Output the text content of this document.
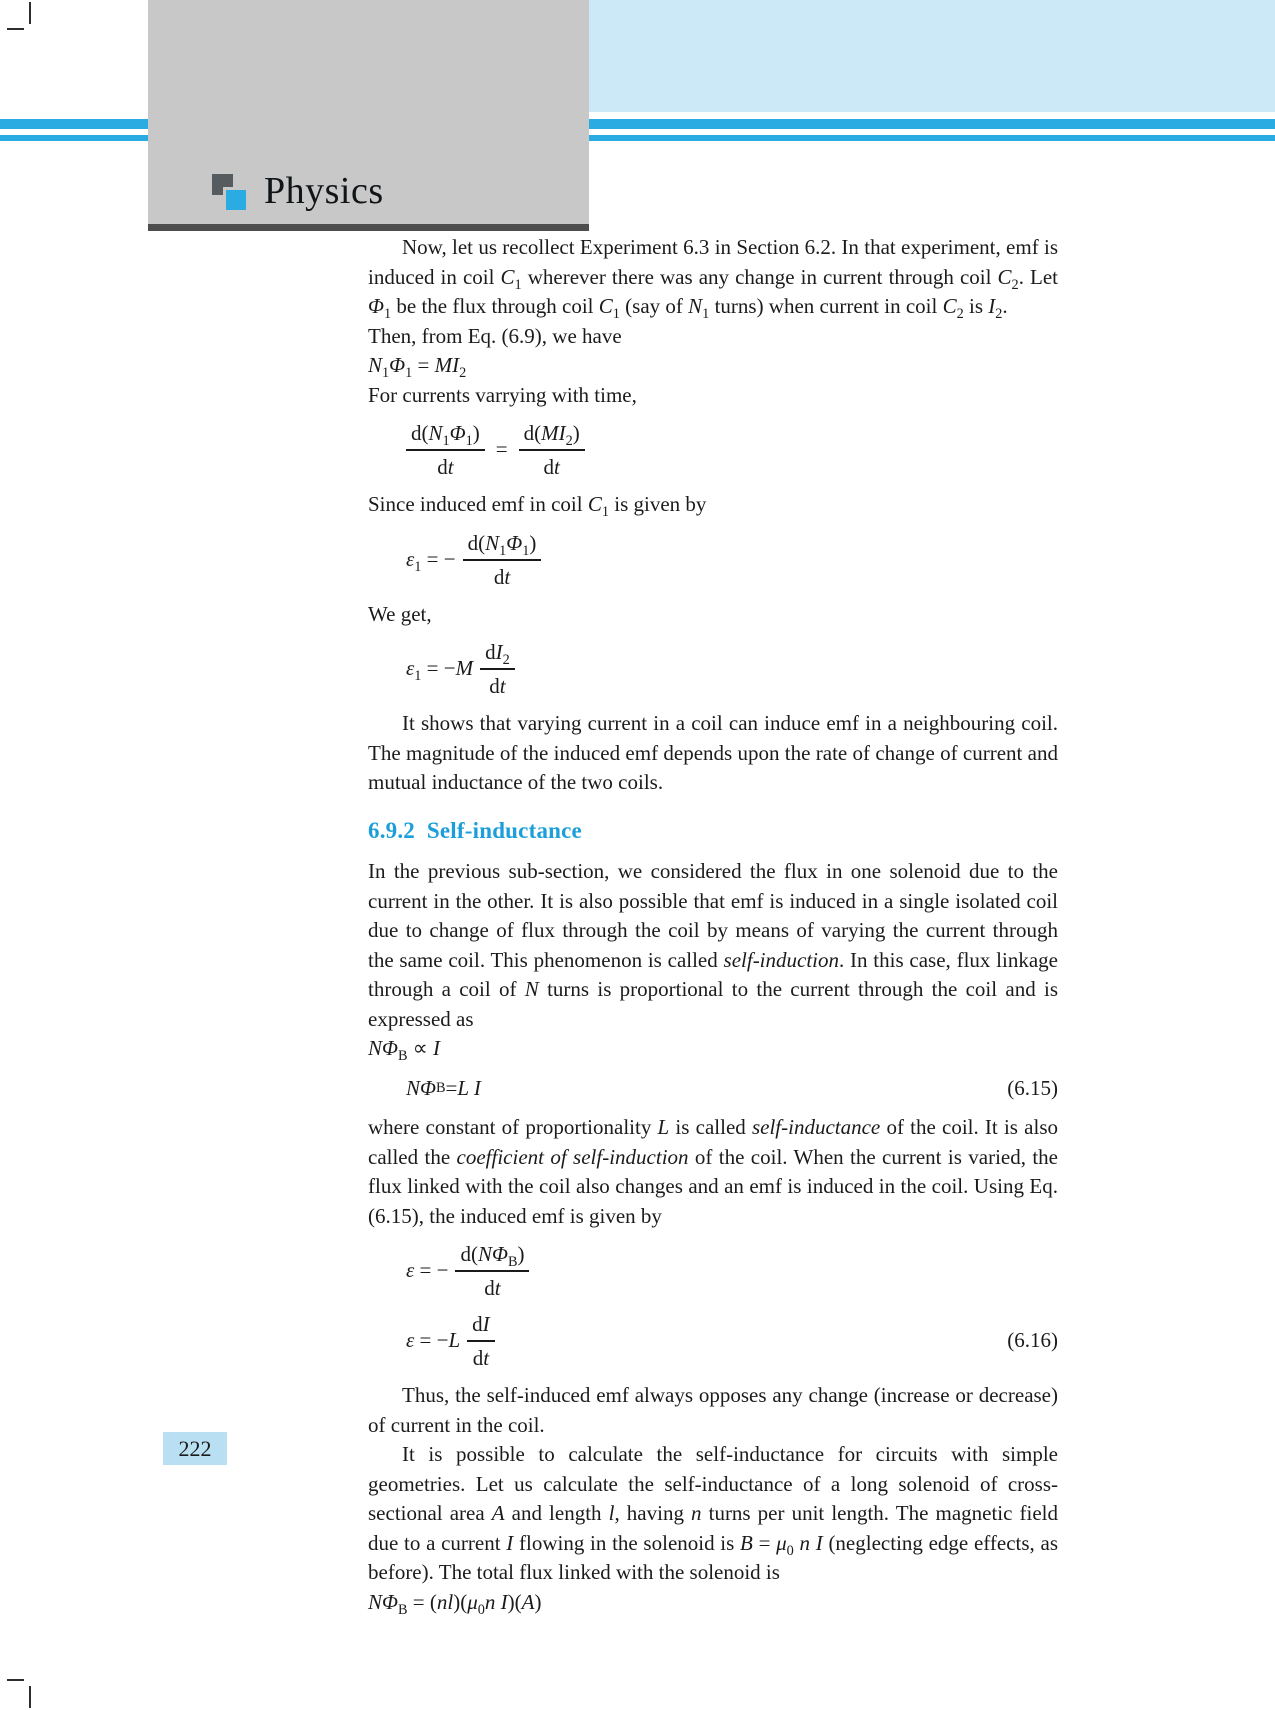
Physics

Now, let us recollect Experiment 6.3 in Section 6.2. In that experiment, emf is induced in coil $C_1$ wherever there was any change in current through coil $C_2$. Let $\Phi_1$ be the flux through coil $C_1$ (say of $N_1$ turns) when current in coil $C_2$ is $I_2$.

Then, from Eq. (6.9), we have

$N_1\Phi_1 = MI_2$

For currents varrying with time,

$\frac{d(N_1\Phi_1)}{dt} = \frac{d(MI_2)}{dt}$

Since induced emf in coil $C_1$ is given by

$\varepsilon_1$ = − $\frac{d(N_1\Phi_1)}{dt}$

We get,

$\varepsilon_1 = -M \frac{dI_2}{dt}$

It shows that varying current in a coil can induce emf in a neighbouring coil. The magnitude of the induced emf depends upon the rate of change of current and mutual inductance of the two coils.

6.9.2  Self-inductance

In the previous sub-section, we considered the flux in one solenoid due to the current in the other. It is also possible that emf is induced in a single isolated coil due to change of flux through the coil by means of varying the current through the same coil. This phenomenon is called self-induction. In this case, flux linkage through a coil of N turns is proportional to the current through the coil and is expressed as

$N\Phi_B \propto I$

NΦ B = L I	(6.15)

where constant of proportionality L is called self-inductance of the coil. It is also called the coefficient of self-induction of the coil. When the current is varied, the flux linked with the coil also changes and an emf is induced in the coil. Using Eq. (6.15), the induced emf is given by

ε = − $\frac{d(N\Phi_B)}{dt}$
$\varepsilon = -L \frac{dI}{dt}$	(6.16)

Thus, the self-induced emf always opposes any change (increase or decrease) of current in the coil.

It is possible to calculate the self-inductance for circuits with simple geometries. Let us calculate the self-inductance of a long solenoid of cross-sectional area A and length l, having n turns per unit length. The magnetic field due to a current I flowing in the solenoid is $B = \mu_0$ n I (neglecting edge effects, as before). The total flux linked with the solenoid is

$N\Phi_B = (nl)(\mu_0n$ I)(A)

222
